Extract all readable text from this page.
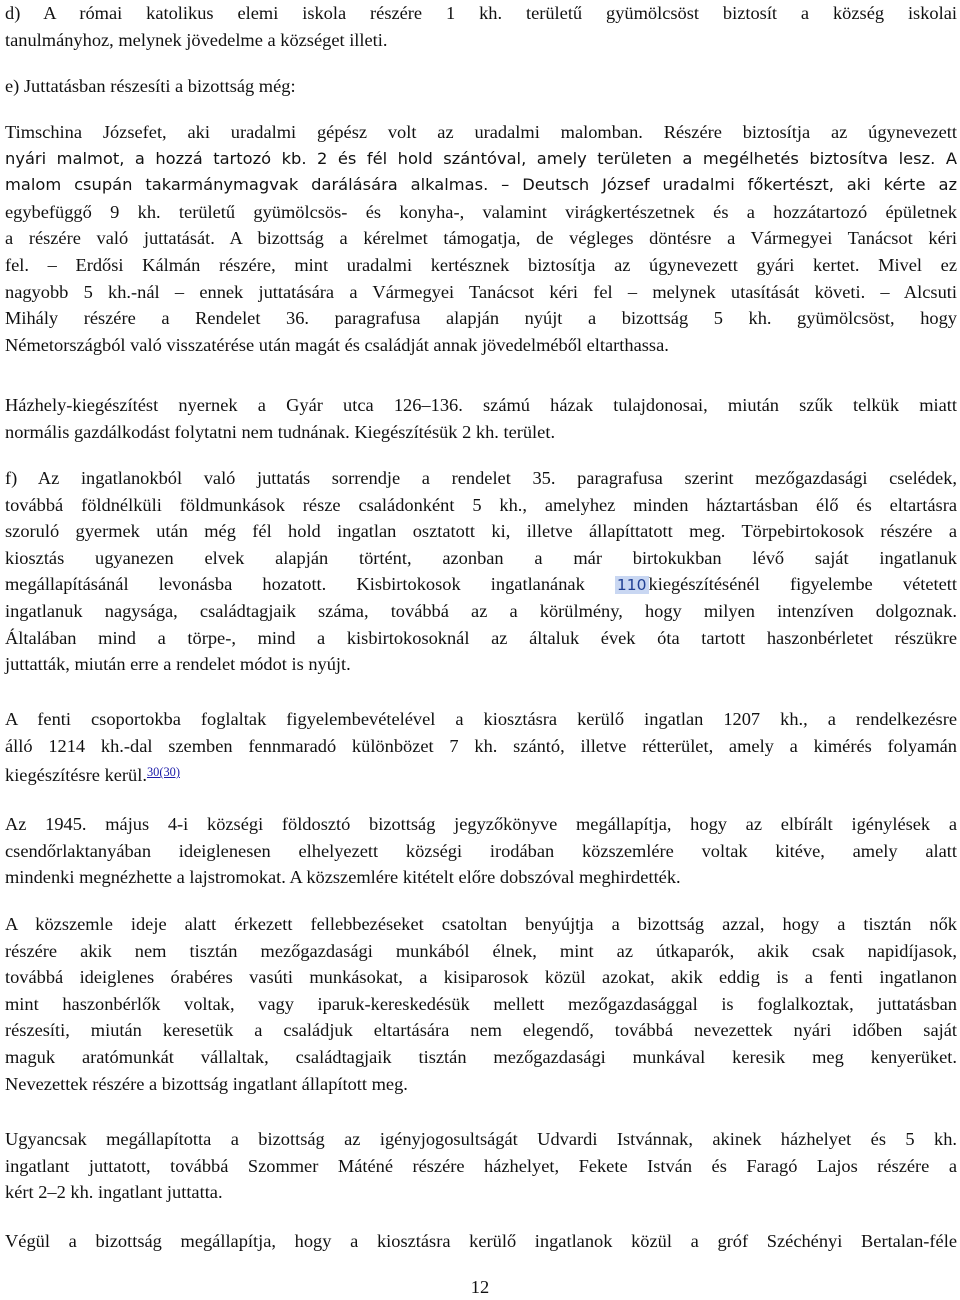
d) A római katolikus elemi iskola részére 1 kh. területű gyümölcsöst biztosít a község iskolai
tanulmányhoz, melynek jövedelme a községet illeti.

e) Juttatásban részesíti a bizottság még:

Timschina Józsefet, aki uradalmi gépész volt az uradalmi malomban. Részére biztosítja az úgynevezett
nyári malmot, a hozzá tartozó kb. 2 és fél hold szántóval, amely területen a megélhetés biztosítva lesz. A
malom csupán takarmánymagvak darálására alkalmas. – Deutsch József uradalmi főkertészt, aki kérte az
egybefüggő 9 kh. területű gyümölcsös- és konyha-, valamint virágkertészetnek és a hozzátartozó épületnek
a részére való juttatását. A bizottság a kérelmet támogatja, de végleges döntésre a Vármegyei Tanácsot kéri
fel. – Erdősi Kálmán részére, mint uradalmi kertésznek biztosítja az úgynevezett gyári kertet. Mivel ez
nagyobb 5 kh.-nál – ennek juttatására a Vármegyei Tanácsot kéri fel – melynek utasítását követi. – Alcsuti
Mihály részére a Rendelet 36. paragrafusa alapján nyújt a bizottság 5 kh. gyümölcsöst, hogy
Németországból való visszatérése után magát és családját annak jövedelméből eltarthassa.

Házhely-kiegészítést nyernek a Gyár utca 126–136. számú házak tulajdonosai, miután szűk telkük miatt
normális gazdálkodást folytatni nem tudnának. Kiegészítésük 2 kh. terület.

f) Az ingatlanokból való juttatás sorrendje a rendelet 35. paragrafusa szerint mezőgazdasági cselédek,
továbbá földnélküli földmunkások része családonként 5 kh., amelyhez minden háztartásban élő és eltartásra
szoruló gyermek után még fél hold ingatlan osztatott ki, illetve állapíttatott meg. Törpebirtokosok részére a
kiosztás ugyanezen elvek alapján történt, azonban a már birtokukban lévő saját ingatlanuk
megállapításánál levonásba hozatott. Kisbirtokosok ingatlanának 110 kiegészítésénél figyelembe vétetett
ingatlanuk nagysága, családtagjaik száma, továbbá az a körülmény, hogy milyen intenzíven dolgoznak.
Általában mind a törpe-, mind a kisbirtokosoknál az általuk évek óta tartott haszonbérletet részükre
juttatták, miután erre a rendelet módot is nyújt.

A fenti csoportokba foglaltak figyelembevételével a kiosztásra kerülő ingatlan 1207 kh., a rendelkezésre
álló 1214 kh.-dal szemben fennmaradó különbözet 7 kh. szántó, illetve rétterület, amely a kimérés folyamán
kiegészítésre kerül.$^{30(30)}$

Az 1945. május 4-i községi földosztó bizottság jegyzőkönyve megállapítja, hogy az elbírált igénylések a
csendőrlaktanyában ideiglenesen elhelyezett községi irodában közszemlére voltak kitéve, amely alatt
mindenki megnézhette a lajstromokat. A közszemlére kitételt előre dobszóval meghirdették.

A közszemle ideje alatt érkezett fellebbezéseket csatoltan benyújtja a bizottság azzal, hogy a tisztán nők
részére akik nem tisztán mezőgazdasági munkából élnek, mint az útkaparók, akik csak napidíjasok,
továbbá ideiglenes órabéres vasúti munkásokat, a kisiparosok közül azokat, akik eddig is a fenti ingatlanon
mint haszonbérlők voltak, vagy iparuk-kereskedésük mellett mezőgazdasággal is foglalkoztak, juttatásban
részesíti, miután keresetük a családjuk eltartására nem elegendő, továbbá nevezettek nyári időben saját
maguk aratómunkát vállaltak, családtagjaik tisztán mezőgazdasági munkával keresik meg kenyerüket.
Nevezettek részére a bizottság ingatlant állapított meg.

Ugyancsak megállapította a bizottság az igényjogosultságát Udvardi Istvánnak, akinek házhelyet és 5 kh.
ingatlant juttatott, továbbá Szommer Máténé részére házhelyet, Fekete István és Faragó Lajos részére a
kért 2–2 kh. ingatlant juttatta.

Végül a bizottság megállapítja, hogy a kiosztásra kerülő ingatlanok közül a gróf Széchényi Bertalan-féle

12
